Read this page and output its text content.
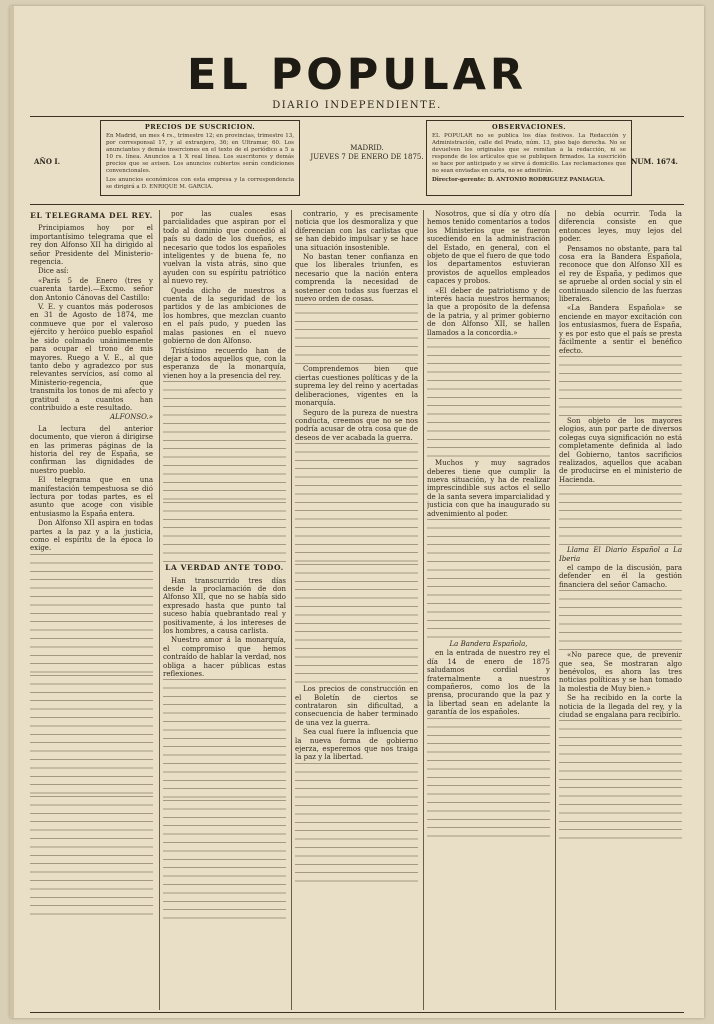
EL POPULAR
DIARIO INDEPENDIENTE.
PRECIOS DE SUSCRICION.
En Madrid, un mes 4 rs., trimestre 12; en provincias, trimestre 13, por corresponsal 17, y al extranjero, 36; en Ultramar, 60. Los anunciantes y demás inserciones en el texto de el periódico a 5 a 10 rs. línea. Anuncios a 1 X real línea. Los suscritores y demás precios que se avisen. Los anuncios cubiertos serán condiciones convencionales.
Los anuncios económicos con esta empresa y la correspondencia se dirigirá a D. ENRIQUE M. GARCIA.
AÑO I.
MADRID.
JUEVES 7 DE ENERO DE 1875.
OBSERVACIONES.
EL POPULAR no se publica los días festivos. La Redacción y Administración, calle del Prado, núm. 13, piso bajo derecha. No se devuelven los originales que se remitan a la redacción, ni se responde de los artículos que se publiquen firmados. La suscrición se hace por anticipado y se sirve á domicilio. Las reclamaciones que no sean enviadas en carta, no se admitirán.
Director-gerente: D. ANTONIO RODRIGUEZ PANIAGUA.
NUM. 1674.
EL TELEGRAMA DEL REY.

Principiamos hoy por el importantísimo telegrama que el rey don Alfonso XII ha dirigido al señor Presidente del Ministerio-regencia.

Dice así:

«París 5 de Enero (tres y cuarenta tarde).—Excmo. señor don Antonio Cánovas del Castillo:

V. E. y cuantos más poderosos en 31 de Agosto de 1874, me conmueve que por el valeroso ejército y heróico pueblo español he sido colmado unánimemente para ocupar el trono de mis mayores. Ruego a V. E., al que tanto debo y agradezco por sus relevantes servicios, así como al Ministerio-regencia, que transmita los tonos de mi afecto y gratitud a cuantos han contribuido a este resultado.

ALFONSO.»

La lectura del anterior documento, que vieron á dirigirse en las primeras páginas de la historia del rey de España, se confirman las dignidades de nuestro pueblo.

El telegrama que en una manifestación tempestuosa se dió lectura por todas partes, es el asunto que acoge con visible entusiasmo la España entera.

Don Alfonso XII aspira en todas partes a la paz y a la justicia, como el espíritu de la época lo exige.

por las cuales esas parcialidades que aspiran por el todo al dominio que concedió al país su dado de los dueños, es necesario que todos los españoles inteligentes y de buena fe, no vuelvan la vista atrás, sino que ayuden con su espíritu patriótico al nuevo rey.

Queda dicho de nuestros a cuenta de la seguridad de los partidos y de las ambiciones de los hombres, que mezclan cuanto en el país pudo, y pueden las malas pasiones en el nuevo gobierno de don Alfonso.

Tristísimo recuerdo han de dejar a todos aquellos que, con la esperanza de la monarquía, vienen hoy a la presencia del rey.

LA VERDAD ANTE TODO.

Han transcurrido tres días desde la proclamación de don Alfonso XII, que no se había sido expresado hasta que punto tal suceso había quebrantado real y positivamente, á los intereses de los hombres, a causa carlista.

Nuestro amor á la monarquía, el compromiso que hemos contraído de hablar la verdad, nos obliga a hacer públicas estas reflexiones.

contrario, y es precisamente noticia que los desmoraliza y que diferencian con las carlistas que se han debido impulsar y se hace una situación insostenible.

No bastan tener confianza en que los liberales triunfen, es necesario que la nación entera comprenda la necesidad de sostener con todas sus fuerzas el nuevo orden de cosas.

Comprendemos bien que ciertas cuestiones políticas y de la suprema ley del reino y acertadas deliberaciones, vigentes en la monarquía.

Seguro de la pureza de nuestra conducta, creemos que no se nos podría acusar de otra cosa que de deseos de ver acabada la guerra.

Los precios de construcción en el Boletín de ciertos se contrataron sin dificultad, a consecuencia de haber terminado de una vez la guerra.

Sea cual fuere la influencia que la nueva forma de gobierno ejerza, esperemos que nos traiga la paz y la libertad.

Nosotros, que sí día y otro día hemos tenido comentarios a todos los Ministerios que se fueron sucediendo en la administración del Estado, en general, con el objeto de que el fuero de que todo los departamentos estuvieran provistos de aquellos empleados capaces y probos.

«El deber de patriotismo y de interés hacia nuestros hermanos; la que a propósito de la defensa de la patria, y al primer gobierno de don Alfonso XII, se hallen llamados a la concordia.»

Muchos y muy sagrados deberes tiene que cumplir la nueva situación, y ha de realizar imprescindible sus actos el sello de la santa severa imparcialidad y justicia con que ha inaugurado su advenimiento al poder.

La Bandera Española,

en la entrada de nuestro rey el día 14 de enero de 1875 saludamos cordial y fraternalmente a nuestros compañeros, como los de la prensa, procurando que la paz y la libertad sean en adelante la garantía de los españoles.

no debía ocurrir. Toda la diferencia consiste en que entonces leyes, muy lejos del poder.

Pensamos no obstante, para tal cosa era la Bandera Española, reconoce que don Alfonso XII es el rey de España, y pedimos que se apruebe al orden social y sin el continuado silencio de las fuerzas liberales.

«La Bandera Española» se enciende en mayor excitación con los entusiasmos, fuera de España, y es por esto que el país se presta fácilmente a sentir el benéfico efecto.

Son objeto de los mayores elogios, aun por parte de diversos colegas cuya significación no está completamente definida al lado del Gobierno, tantos sacrificios realizados, aquellos que acaban de producirse en el ministerio de Hacienda.

Llama El Diario Español a La Iberia

el campo de la discusión, para defender en él la gestión financiera del señor Camacho.

«No parece que, de prevenir que sea, Se mostraran algo benévolos, es ahora las tres noticias políticas y se han tomado la molestia de Muy bien.»

Se ha recibido en la corte la noticia de la llegada del rey, y la ciudad se engalana para recibirlo.
